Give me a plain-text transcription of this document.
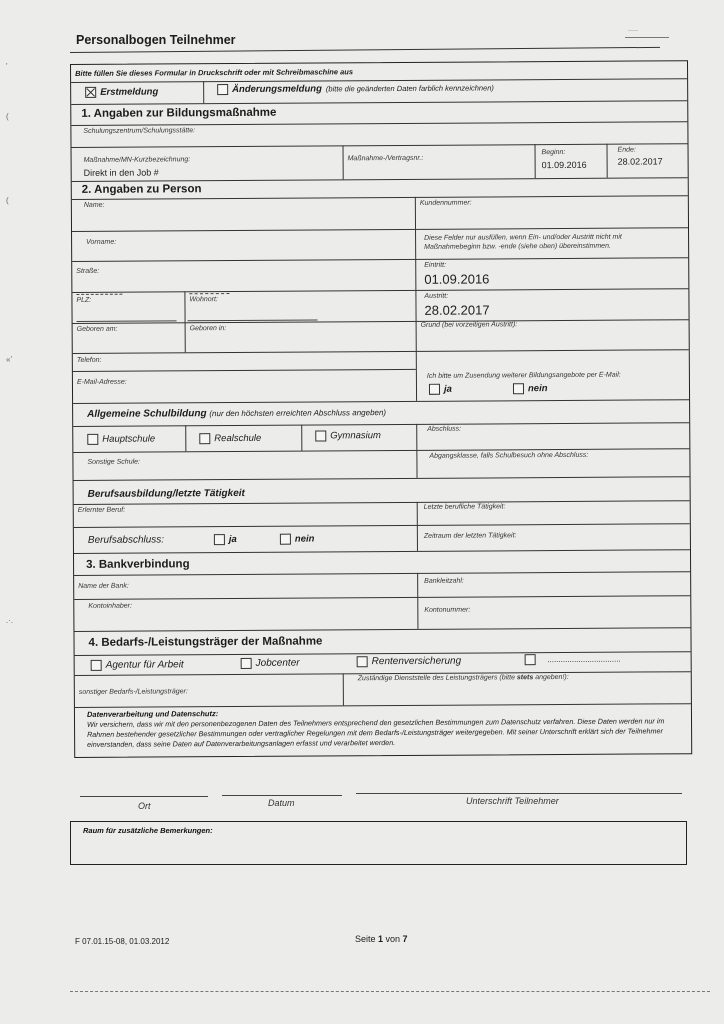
-----
'
(
(
«'
.·.
Personalbogen Teilnehmer
Bitte füllen Sie dieses Formular in Druckschrift oder mit Schreibmaschine aus
Erstmeldung	Änderungsmeldung (bitte die geänderten Daten farblich kennzeichnen)
1. Angaben zur Bildungsmaßnahme
Schulungszentrum/Schulungsstätte:
Maßnahme/MN-Kurzbezeichnung:
Direkt in den Job #
Maßnahme-/Vertragsnr.:
Beginn:
01.09.2016
Ende:
28.02.2017
2. Angaben zu Person
Name:	Kundennummer:
Vorname:
Diese Felder nur ausfüllen, wenn Ein- und/oder Austritt nicht mit Maßnahmebeginn bzw. -ende (siehe oben) übereinstimmen.
Straße:
Eintritt:
01.09.2016
PLZ:	Wohnort:	Austritt:
28.02.2017
Geboren am:	Geboren in:	Grund (bei vorzeitigen Austritt):
Telefon:
E-Mail-Adresse:
Ich bitte um Zusendung weiterer Bildungsangebote per E-Mail:
ja	nein
Allgemeine Schulbildung (nur den höchsten erreichten Abschluss angeben)
Hauptschule	Realschule	Gymnasium
Abschluss:
Sonstige Schule:
Abgangsklasse, falls Schulbesuch ohne Abschluss:
Berufsausbildung/letzte Tätigkeit
Erlernter Beruf:	Letzte berufliche Tätigkeit:
Berufsabschluss:	ja	nein	Zeitraum der letzten Tätigkeit:
3. Bankverbindung
Name der Bank:
Bankleitzahl:
Kontoinhaber:
Kontonummer:
4. Bedarfs-/Leistungsträger der Maßnahme
Agentur für Arbeit	Jobcenter	Rentenversicherung	.................................
sonstiger Bedarfs-/Leistungsträger:
Zuständige Dienststelle des Leistungsträgers (bitte stets angeben!):
Datenverarbeitung und Datenschutz:
Wir versichern, dass wir mit den personenbezogenen Daten des Teilnehmers entsprechend den gesetzlichen Bestimmungen zum Datenschutz verfahren. Diese Daten werden nur im Rahmen bestehender gesetzlicher Bestimmungen oder vertraglicher Regelungen mit dem Bedarfs-/Leistungsträger weitergegeben. Mit seiner Unterschrift erklärt sich der Teilnehmer einverstanden, dass seine Daten auf Datenverarbeitungsanlagen erfasst und verarbeitet werden.
Ort	Datum	Unterschrift Teilnehmer
Raum für zusätzliche Bemerkungen:
F 07.01.15-08, 01.03.2012	Seite 1 von 7
